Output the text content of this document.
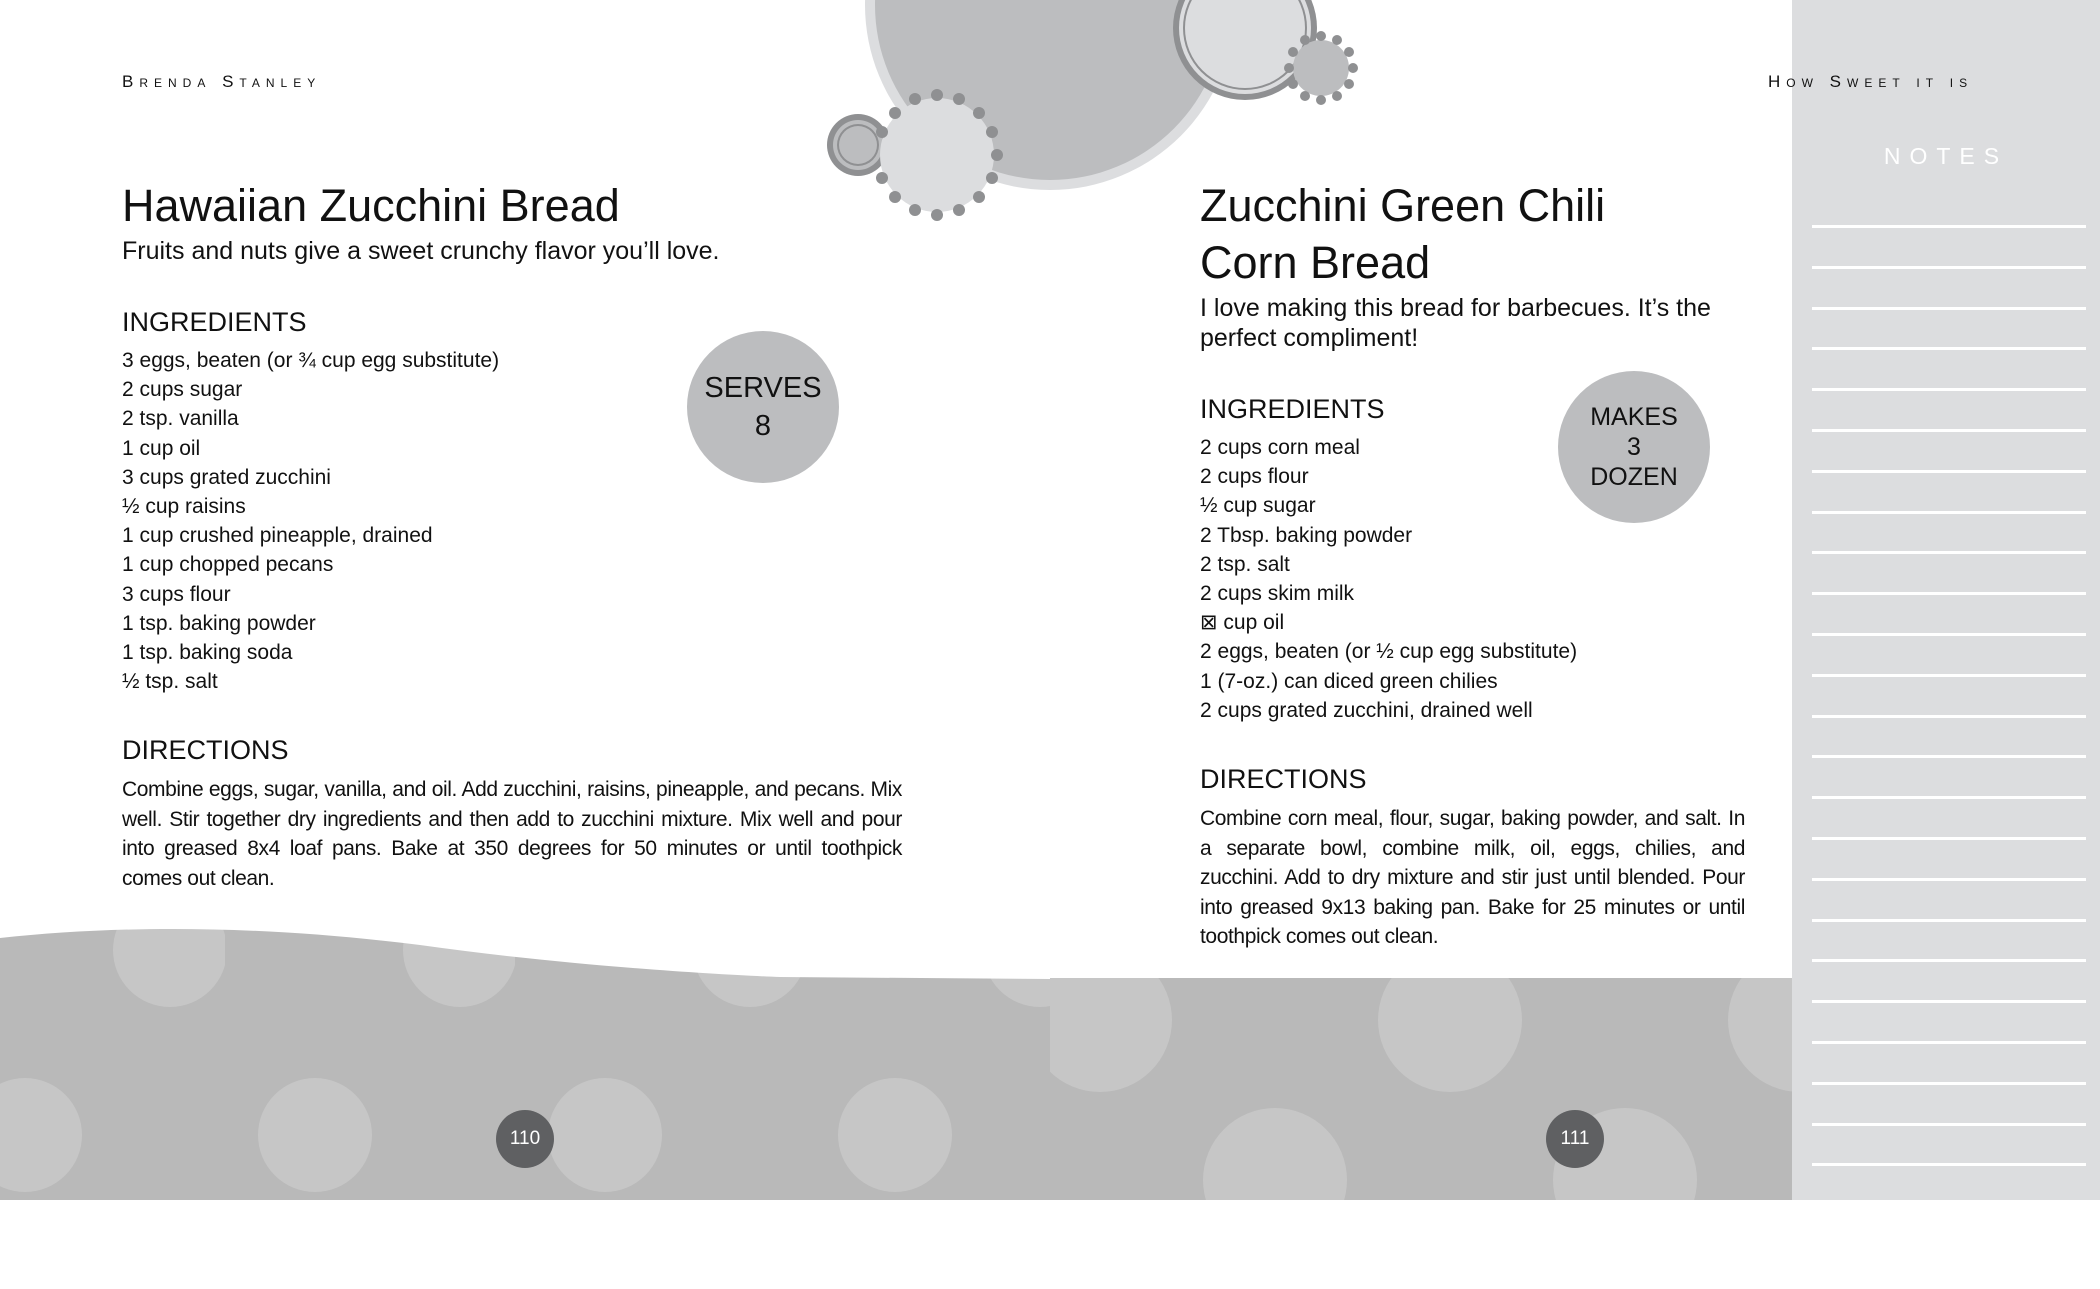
NOTES
Brenda Stanley	How Sweet it is
Hawaiian Zucchini Bread

Fruits and nuts give a sweet crunchy flavor you’ll love.

INGREDIENTS
3 eggs, beaten (or ¾ cup egg substitute)
2 cups sugar
2 tsp. vanilla
1 cup oil
3 cups grated zucchini
½ cup raisins
1 cup crushed pineapple, drained
1 cup chopped pecans
3 cups flour
1 tsp. baking powder
1 tsp. baking soda
½ tsp. salt
DIRECTIONS

Combine eggs, sugar, vanilla, and oil. Add zucchini, raisins, pineapple, and pecans. Mix well. Stir together dry ingredients and then add to zucchini mixture. Mix well and pour into greased 8x4 loaf pans. Bake at 350 degrees for 50 minutes or until toothpick comes out clean.

SERVES
8
Zucchini Green Chili
Corn Bread

I love making this bread for barbecues. It’s the perfect compliment!

INGREDIENTS
2 cups corn meal
2 cups flour
½ cup sugar
2 Tbsp. baking powder
2 tsp. salt
2 cups skim milk
⊠ cup oil
2 eggs, beaten (or ½ cup egg substitute)
1 (7-oz.) can diced green chilies
2 cups grated zucchini, drained well
DIRECTIONS

Combine corn meal, flour, sugar, baking powder, and salt. In a separate bowl, combine milk, oil, eggs, chilies, and zucchini. Add to dry mixture and stir just until blended. Pour into greased 9x13 baking pan. Bake for 25 minutes or until toothpick comes out clean.

MAKES
3
DOZEN
110	111
